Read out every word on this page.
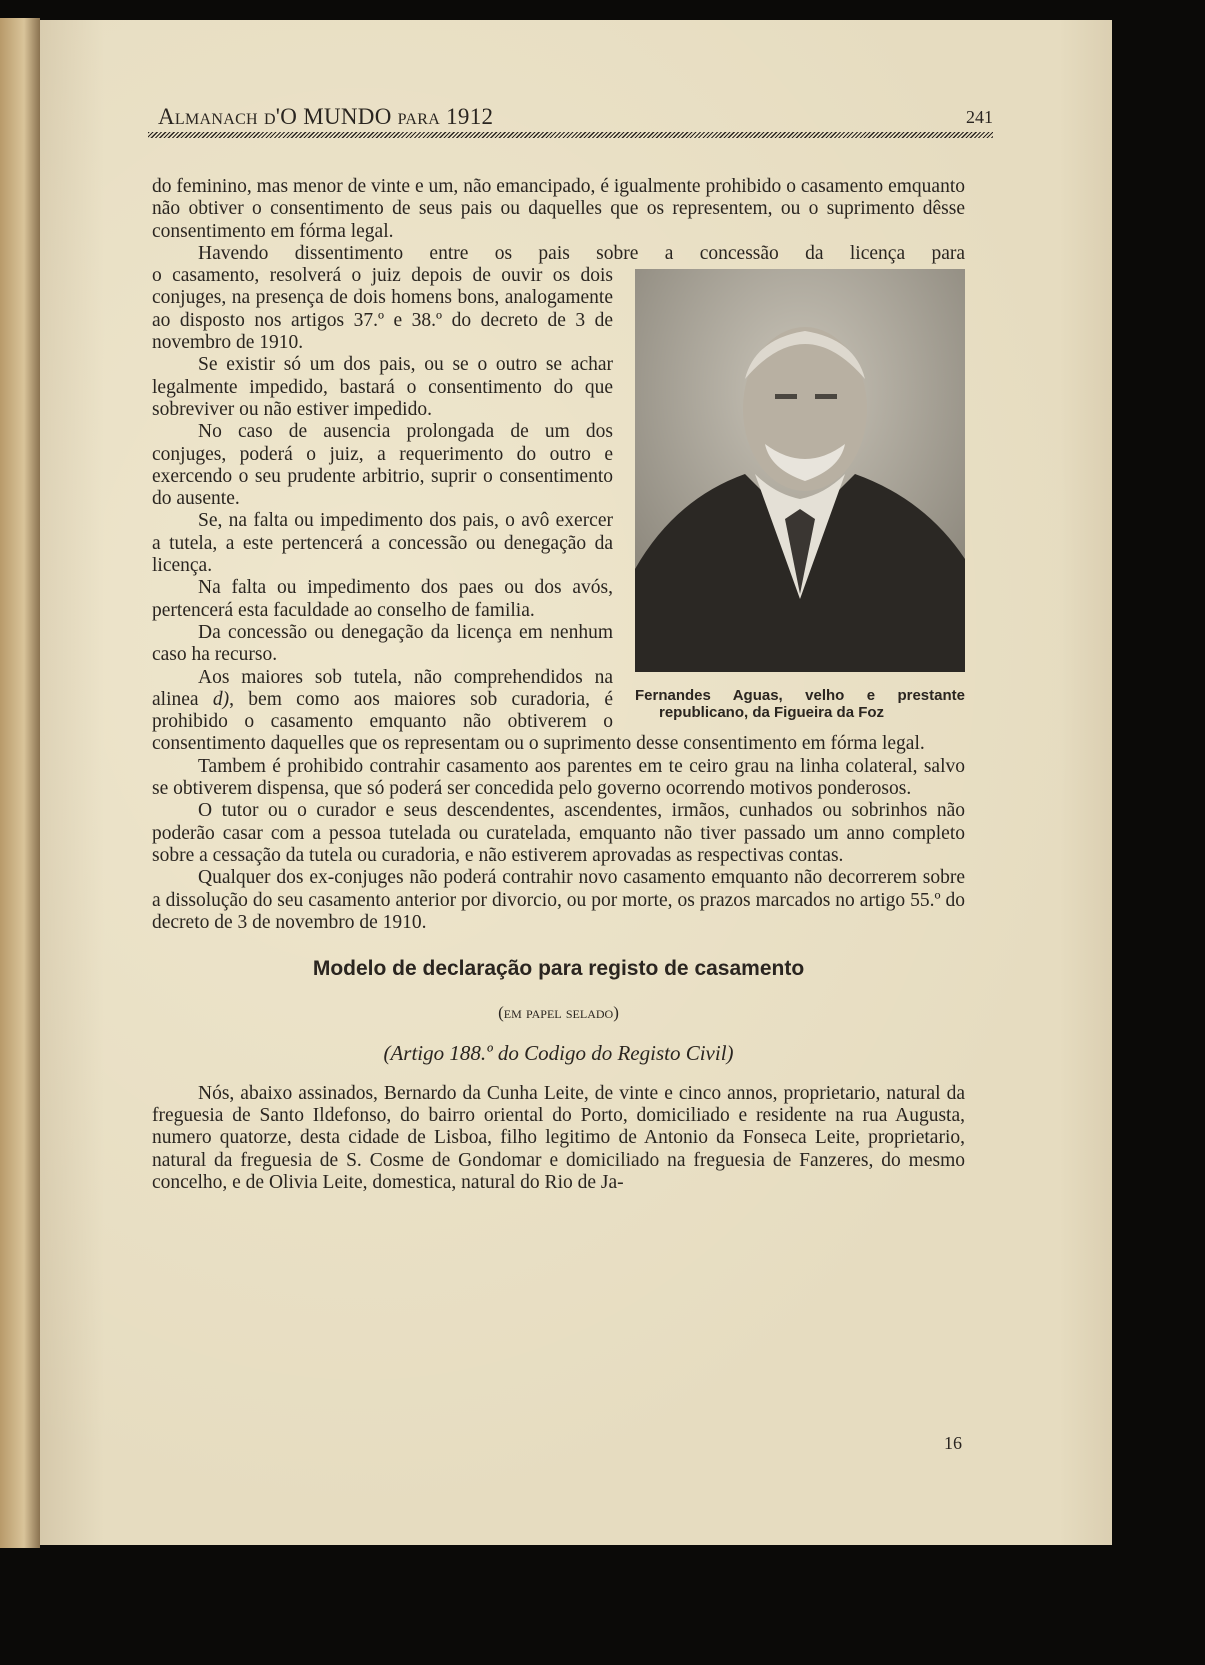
Almanach d'O MUNDO para 1912	241

do feminino, mas menor de vinte e um, não emancipado, é igualmente prohibido o casamento emquanto não obtiver o consentimento de seus pais ou daquelles que os representem, ou o suprimento dêsse consentimento em fórma legal.

Havendo dissentimento entre os pais sobre a concessão da licença para

Fernandes Aguas, velho e prestante republicano, da Figueira da Foz

o casamento, resolverá o juiz depois de ouvir os dois conjuges, na presença de dois homens bons, analogamente ao disposto nos artigos 37.º e 38.º do decreto de 3 de novembro de 1910.

Se existir só um dos pais, ou se o outro se achar legalmente impedido, bastará o consentimento do que sobreviver ou não estiver impedido.

No caso de ausencia prolongada de um dos conjuges, poderá o juiz, a requerimento do outro e exercendo o seu prudente arbitrio, suprir o consentimento do ausente.

Se, na falta ou impedimento dos pais, o avô exercer a tutela, a este pertencerá a concessão ou denegação da licença.

Na falta ou impedimento dos paes ou dos avós, pertencerá esta faculdade ao conselho de familia.

Da concessão ou denegação da licença em nenhum caso ha recurso.

Aos maiores sob tutela, não comprehendidos na alinea d), bem como aos maiores sob curadoria, é prohibido o casamento emquanto não obtiverem o consentimento daquelles que os representam ou o suprimento desse consentimento em fórma legal.

Tambem é prohibido contrahir casamento aos parentes em te ceiro grau na linha colateral, salvo se obtiverem dispensa, que só poderá ser concedida pelo governo ocorrendo motivos ponderosos.

O tutor ou o curador e seus descendentes, ascendentes, irmãos, cunhados ou sobrinhos não poderão casar com a pessoa tutelada ou curatelada, emquanto não tiver passado um anno completo sobre a cessação da tutela ou curadoria, e não estiverem aprovadas as respectivas contas.

Qualquer dos ex-conjuges não poderá contrahir novo casamento emquanto não decorrerem sobre a dissolução do seu casamento anterior por divorcio, ou por morte, os prazos marcados no artigo 55.º do decreto de 3 de novembro de 1910.

Modelo de declaração para registo de casamento
(em papel selado)
(Artigo 188.º do Codigo do Registo Civil)

Nós, abaixo assinados, Bernardo da Cunha Leite, de vinte e cinco annos, proprietario, natural da freguesia de Santo Ildefonso, do bairro oriental do Porto, domiciliado e residente na rua Augusta, numero quatorze, desta cidade de Lisboa, filho legitimo de Antonio da Fonseca Leite, proprietario, natural da freguesia de S. Cosme de Gondomar e domiciliado na freguesia de Fanzeres, do mesmo concelho, e de Olivia Leite, domestica, natural do Rio de Ja-

16
